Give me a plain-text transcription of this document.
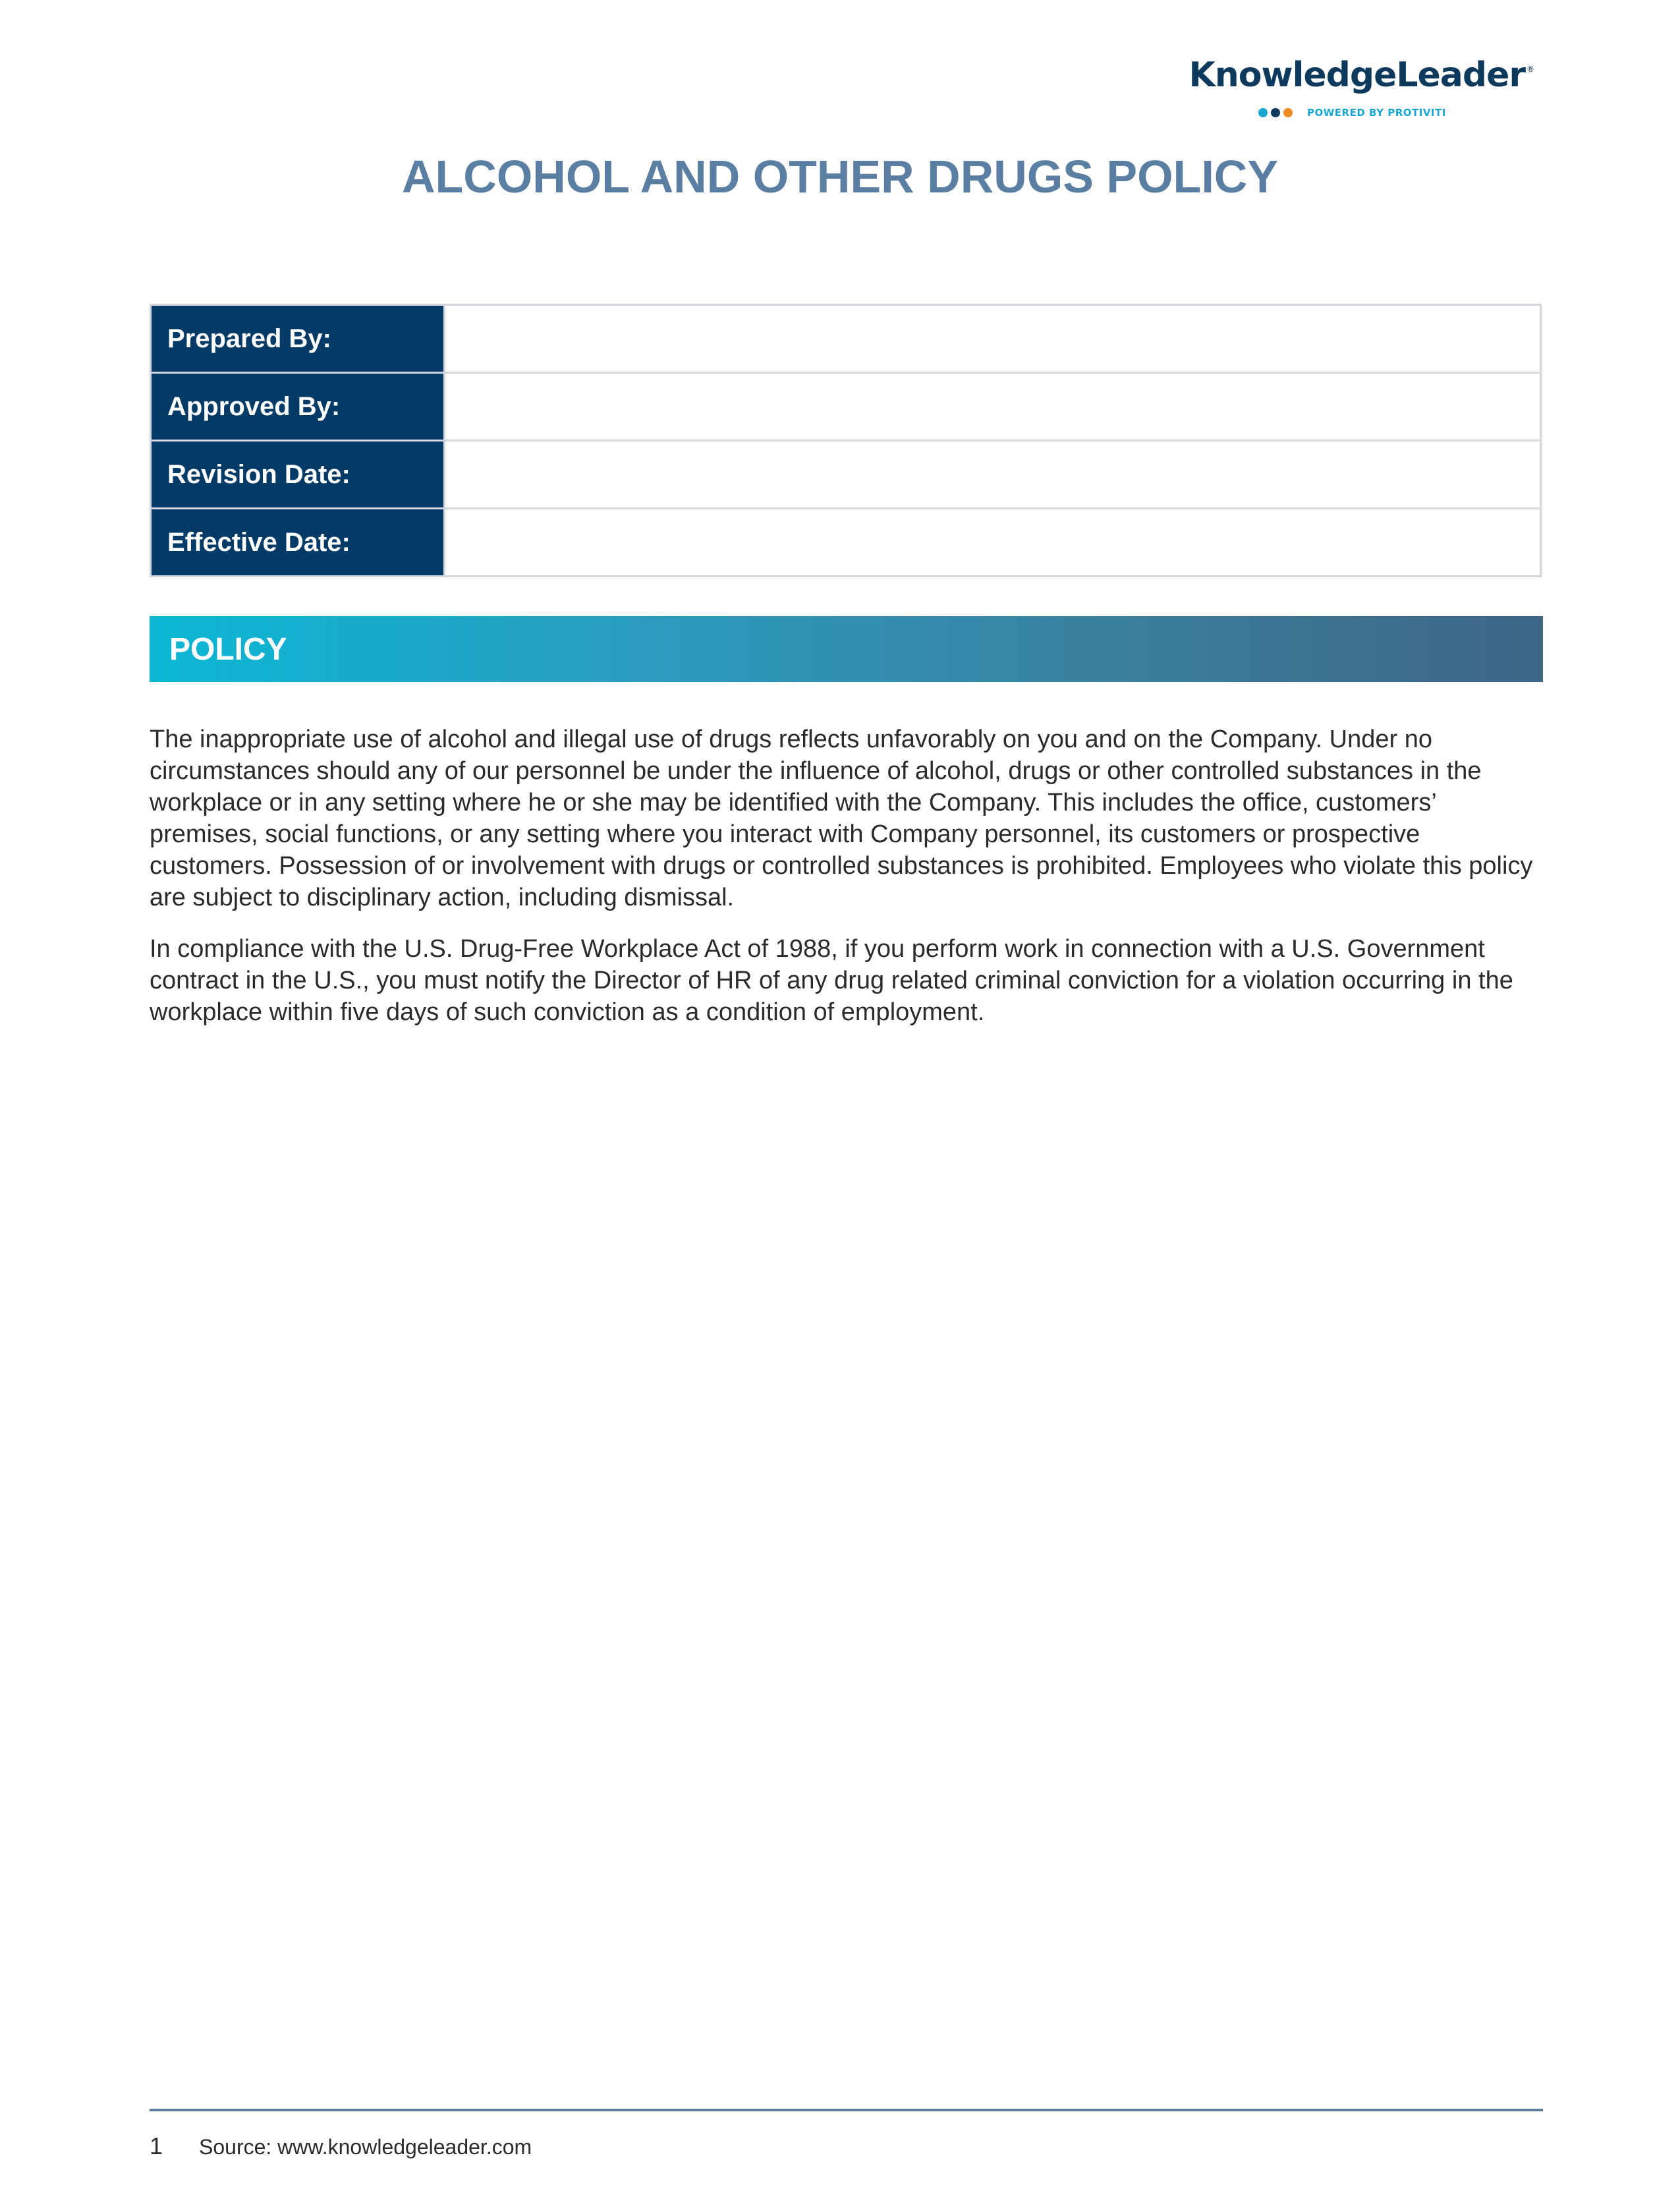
KnowledgeLeader ®
POWERED BY PROTIVITI
ALCOHOL AND OTHER DRUGS POLICY
Prepared By:	
Approved By:	
Revision Date:	
Effective Date:	
POLICY

The inappropriate use of alcohol and illegal use of drugs reflects unfavorably on you and on the Company. Under no circumstances should any of our personnel be under the influence of alcohol, drugs or other controlled substances in the workplace or in any setting where he or she may be identified with the Company. This includes the office, customers’ premises, social functions, or any setting where you interact with Company personnel, its customers or prospective customers. Possession of or involvement with drugs or controlled substances is prohibited. Employees who violate this policy are subject to disciplinary action, including dismissal.

In compliance with the U.S. Drug-Free Workplace Act of 1988, if you perform work in connection with a U.S. Government contract in the U.S., you must notify the Director of HR of any drug related criminal conviction for a violation occurring in the workplace within five days of such conviction as a condition of employment.

1 Source: www.knowledgeleader.com
